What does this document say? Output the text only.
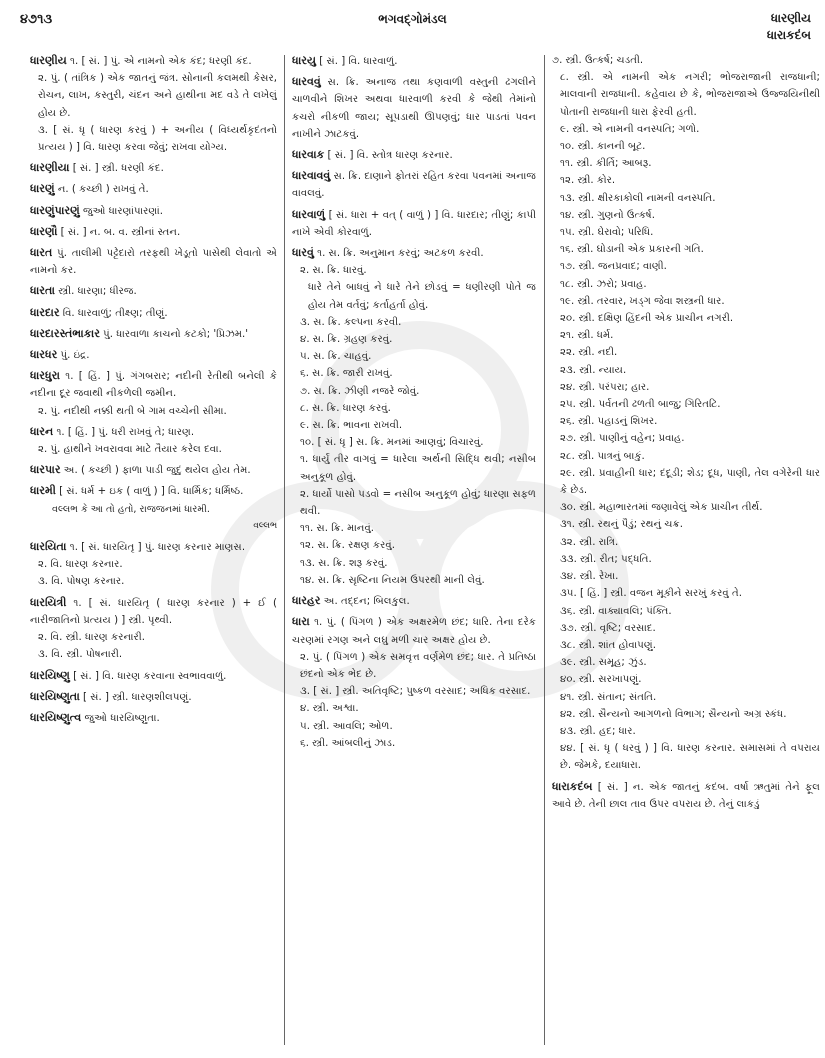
૪૭૧૩	ભગવદ્ગોમંડલ	ધારણીય
ધારાકદંબ
ધારણીય ૧. [ સં. ] પું. એ નામનો એક કંદ; ધરણી કંદ.
૨. પું. ( તાંત્રિક ) એક જાતનું જંત્ર. સોનાની કલમથી કેસર, રોચન, લાખ, કસ્તુરી, ચંદન અને હાથીના મદ વડે તે લખેલું હોય છે.
૩. [ સં. ધૃ ( ધારણ કરવું ) + અનીય ( વિધ્યર્થકૃદંતનો પ્રત્યય ) ] વિ. ધારણ કરવા જેવું; રાખવા યોગ્ય.
ધારણીયા [ સં. ] સ્ત્રી. ધરણી કંદ.
ધારણું ન. ( કચ્છી ) રાખવું તે.
ધારણુંપારણું જુઓ ધારણાંપારણાં.
ધારણૌ [ સં. ] ન. બ. વ. સ્ત્રીનાં સ્તન.
ધારત પું. તાલીમી પટ્ટેદારો તરફથી ખેડૂતો પાસેથી લેવાતો એ નામનો કર.
ધારતા સ્ત્રી. ધારણા; ધીરજ.
ધારદાર વિ. ધારવાળું; તીક્ષ્ણ; તીણું.
ધારદારસ્તંભાકાર પું. ધારવાળા કાચનો કટકો; 'પ્રિઝમ.'
ધારધર પું. ઇંદ્ર.
ધારધુરા ૧. [ હિં. ] પું. ગંગબરાર; નદીની રેતીથી બનેલી કે નદીના દૂર જવાથી નીકળેલી જમીન.
૨. પું. નદીથી નક્કી થતી બે ગામ વચ્ચેની સીમા.
ધારન ૧. [ હિં. ] પું. ધરી રાખવું તે; ધારણ.
૨. પું. હાથીને ખવરાવવા માટે તૈયાર કરેલ દવા.
ધારપાર અ. ( કચ્છી ) ફાળા પાડી જુદું થયેલ હોય તેમ.
ધારમી [ સં. ધર્મ + ઇક ( વાળું ) ] વિ. ધાર્મિક; ધર્મિષ્ઠ.
વલ્લભ કે આ તો હતો, રાજજનમાં ધારમી.
વલ્લભ
ધારયિતા ૧. [ સં. ધારયિતૃ ] પું. ધારણ કરનાર માણસ.
૨. વિ. ધારણ કરનાર.
૩. વિ. પોષણ કરનાર.
ધારયિત્રી ૧. [ સં. ધારયિતૃ ( ધારણ કરનાર ) + ઈ ( નારીજાતિનો પ્રત્યય ) ] સ્ત્રી. પૃથ્વી.
૨. વિ. સ્ત્રી. ધારણ કરનારી.
૩. વિ. સ્ત્રી. પોષનારી.
ધારયિષ્ણુ [ સં. ] વિ. ધારણ કરવાના સ્વભાવવાળું.
ધારયિષ્ણુતા [ સં. ] સ્ત્રી. ધારણશીલપણું.
ધારયિષ્ણુત્વ જુઓ ધારયિષ્ણુતા.
ધારયુ [ સં. ] વિ. ધારવાળું.
ધારવવું સ. ક્રિ. અનાજ તથા કણવાળી વસ્તુની ઢગલીને ચાળવીને શિખર અથવા ધારવાળી કરવી કે જેથી તેમાંનો કચરો નીકળી જાય; સૂપડાથી ઊપણવું; ધાર પાડતાં પવન નાખીને ઝાટકવું.
ધારવાક [ સં. ] વિ. સ્તોત્ર ધારણ કરનાર.
ધારવાવવું સ. ક્રિ. દાણાને ફોતરાં રહિત કરવા પવનમાં અનાજ વાવલવું.
ધારવાળું [ સં. ધારા + વત્ ( વાળું ) ] વિ. ધારદાર; તીણું; કાપી નાખે એવી કોરવાળું.
ધારવું ૧. સ. ક્રિ. અનુમાન કરવું; અટકળ કરવી.
૨. સ. ક્રિ. ધારવું.
ધારે તેને બાધવું ને ધારે તેને છોડવું = ધણીરણી પોતે જ હોય તેમ વર્તવું; કર્તાહર્તા હોવું.
૩. સ. ક્રિ. કલ્પના કરવી.
૪. સ. ક્રિ. ગ્રહણ કરવું.
૫. સ. ક્રિ. ચાહવું.
૬. સ. ક્રિ. જારી રાખવું.
૭. સ. ક્રિ. ઝીણી નજરે જોવું.
૮. સ. ક્રિ. ધારણ કરવું.
૯. સ. ક્રિ. ભાવના રાખવી.
૧૦. [ સં. ધૃ ] સ. ક્રિ. મનમાં આણવું; વિચારવું.
૧. ધાર્યું તીર વાગવું = ધારેલા અર્થની સિદ્ધિ થવી; નસીબ અનુકૂળ હોવું.
૨. ધાર્યો પાસો પડવો = નસીબ અનુકૂળ હોવું; ધારણા સફળ થવી.
૧૧. સ. ક્રિ. માનવું.
૧૨. સ. ક્રિ. રક્ષણ કરવું.
૧૩. સ. ક્રિ. શરૂ કરવું.
૧૪. સ. ક્રિ. સૃષ્ટિના નિયમ ઉપરથી માની લેવું.
ધારહર અ. તદ્દન; બિલકુલ.
ધારા ૧. પું. ( પિંગળ ) એક અક્ષરમેળ છંદ; ધારિ. તેના દરેક ચરણમાં રગણ અને લઘુ મળી ચાર અક્ષર હોય છે.
૨. પું. ( પિંગળ ) એક સમવૃત્ત વર્ણમેળ છંદ; ધાર. તે પ્રતિષ્ઠા છંદનો એક ભેદ છે.
૩. [ સં. ] સ્ત્રી. અતિવૃષ્ટિ; પુષ્કળ વરસાદ; અધિક વરસાદ.
૪. સ્ત્રી. અશ્વા.
૫. સ્ત્રી. આવલિ; ઓળ.
૬. સ્ત્રી. આંબલીનું ઝાડ.
૭. સ્ત્રી. ઉત્કર્ષ; ચડતી.
૮. સ્ત્રી. એ નામની એક નગરી; ભોજરાજાની રાજધાની; માલવાની રાજધાની. કહેવાય છે કે, ભોજરાજાએ ઉજ્જયિનીથી પોતાની રાજધાની ધારા ફેરવી હતી.
૯. સ્ત્રી. એ નામની વનસ્પતિ; ગળો.
૧૦. સ્ત્રી. કાનની બૂટ.
૧૧. સ્ત્રી. કીર્તિ; આબરૂ.
૧૨. સ્ત્રી. કોર.
૧૩. સ્ત્રી. ક્ષીરકાકોલી નામની વનસ્પતિ.
૧૪. સ્ત્રી. ગુણનો ઉત્કર્ષ.
૧૫. સ્ત્રી. ઘેરાવો; પરિધિ.
૧૬. સ્ત્રી. ઘોડાની એક પ્રકારની ગતિ.
૧૭. સ્ત્રી. જનપ્રવાદ; વાણી.
૧૮. સ્ત્રી. ઝરો; પ્રવાહ.
૧૯. સ્ત્રી. તરવાર, ખડ્ગ જેવા શસ્ત્રની ધાર.
૨૦. સ્ત્રી. દક્ષિણ હિંદની એક પ્રાચીન નગરી.
૨૧. સ્ત્રી. ધર્મ.
૨૨. સ્ત્રી. નદી.
૨૩. સ્ત્રી. ન્યાય.
૨૪. સ્ત્રી. પરંપરા; હાર.
૨૫. સ્ત્રી. પર્વતની ઢળતી બાજુ; ગિરિતટિ.
૨૬. સ્ત્રી. પહાડનું શિખર.
૨૭. સ્ત્રી. પાણીનું વહેન; પ્રવાહ.
૨૮. સ્ત્રી. પાત્રનું બાકું.
૨૯. સ્ત્રી. પ્રવાહીની ધાર; દંદૂડી; શેડ; દૂધ, પાણી, તેલ વગેરેની ધાર કે છેડ.
૩૦. સ્ત્રી. મહાભારતમાં જણાવેલું એક પ્રાચીન તીર્થ.
૩૧. સ્ત્રી. રથનું પૈડું; રથનું ચક્ર.
૩૨. સ્ત્રી. રાત્રિ.
૩૩. સ્ત્રી. રીત; પદ્ધતિ.
૩૪. સ્ત્રી. રેખા.
૩૫. [ હિં. ] સ્ત્રી. વજન મૂકીને સરખું કરવું તે.
૩૬. સ્ત્રી. વાક્યાવલિ; પંક્તિ.
૩૭. સ્ત્રી. વૃષ્ટિ; વરસાદ.
૩૮. સ્ત્રી. શાંત હોવાપણું.
૩૯. સ્ત્રી. સમૂહ; ઝુંડ.
૪૦. સ્ત્રી. સરખાપણું.
૪૧. સ્ત્રી. સંતાન; સંતતિ.
૪૨. સ્ત્રી. સૈન્યનો આગળનો વિભાગ; સૈન્યનો અગ્ર સ્કંધ.
૪૩. સ્ત્રી. હદ; ધાર.
૪૪. [ સં. ધૃ ( ધરવું ) ] વિ. ધારણ કરનાર. સમાસમાં તે વપરાય છે. જેમકે, દયાધારા.
ધારાકદંબ [ સં. ] ન. એક જાતનું કદંબ. વર્ષા ઋતુમાં તેને ફૂલ આવે છે. તેની છાલ તાવ ઉપર વપરાય છે. તેનું લાકડું
